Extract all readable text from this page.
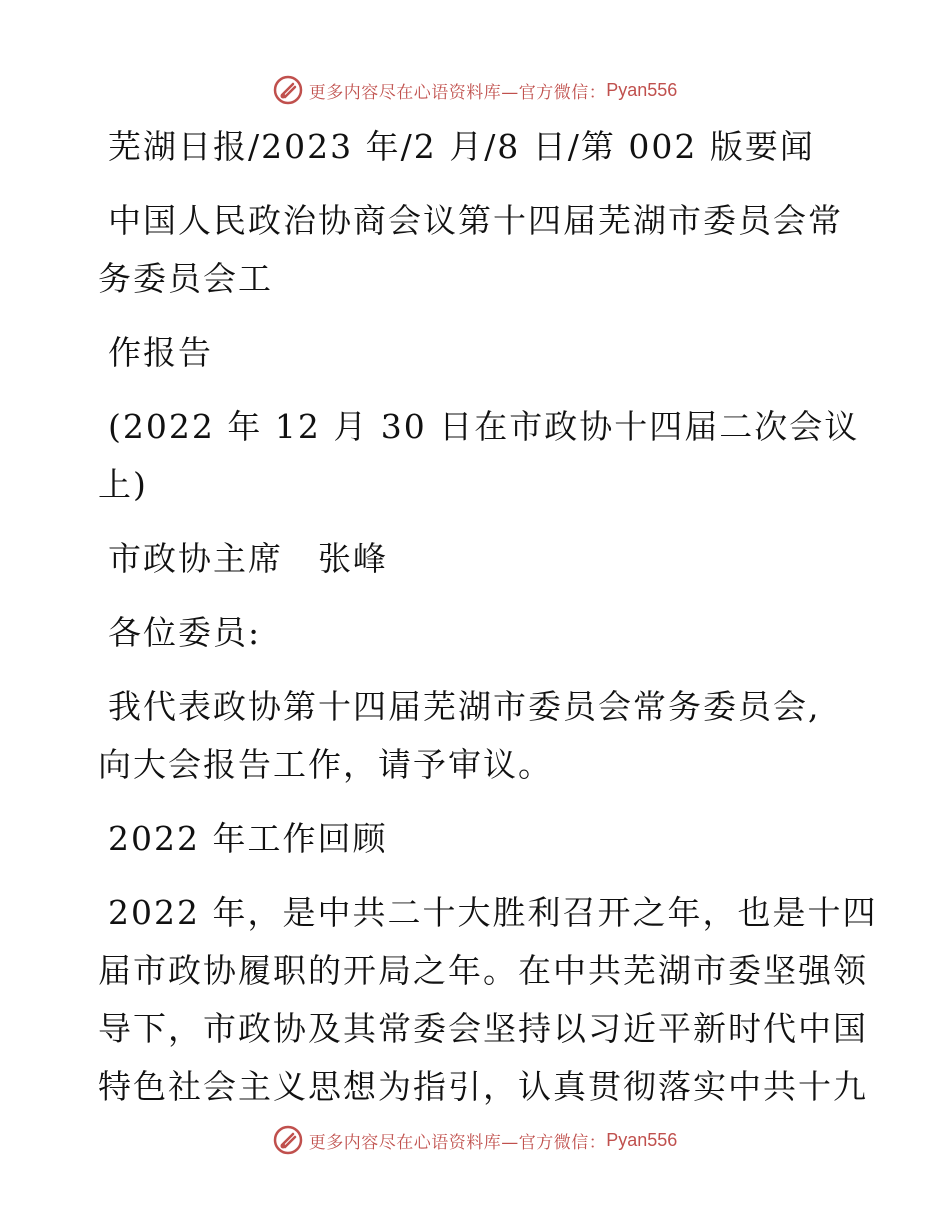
更多内容尽在心语资料库—官方微信： Pyan556
芜湖日报/2023 年/2 月/8 日/第 002 版要闻
中国人民政治协商会议第十四届芜湖市委员会常
务委员会工
作报告
(2022 年 12 月 30 日在市政协十四届二次会议
上)
市政协主席　张峰
各位委员:
我代表政协第十四届芜湖市委员会常务委员会,
向大会报告工作，请予审议。
2022 年工作回顾
2022 年，是中共二十大胜利召开之年，也是十四
届市政协履职的开局之年。在中共芜湖市委坚强领
导下，市政协及其常委会坚持以习近平新时代中国
特色社会主义思想为指引，认真贯彻落实中共十九
更多内容尽在心语资料库—官方微信： Pyan556
